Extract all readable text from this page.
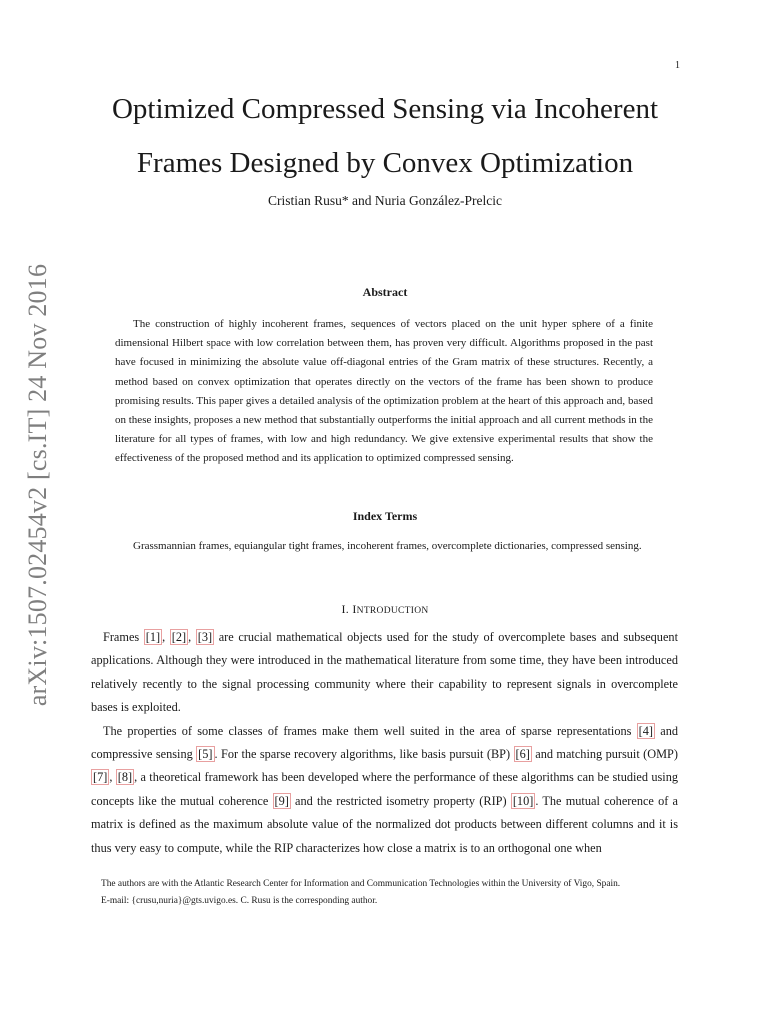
1
arXiv:1507.02454v2 [cs.IT] 24 Nov 2016
Optimized Compressed Sensing via Incoherent
Frames Designed by Convex Optimization
Cristian Rusu* and Nuria González-Prelcic
Abstract

The construction of highly incoherent frames, sequences of vectors placed on the unit hyper sphere of a finite dimensional Hilbert space with low correlation between them, has proven very difficult. Algorithms proposed in the past have focused in minimizing the absolute value off-diagonal entries of the Gram matrix of these structures. Recently, a method based on convex optimization that operates directly on the vectors of the frame has been shown to produce promising results. This paper gives a detailed analysis of the optimization problem at the heart of this approach and, based on these insights, proposes a new method that substantially outperforms the initial approach and all current methods in the literature for all types of frames, with low and high redundancy. We give extensive experimental results that show the effectiveness of the proposed method and its application to optimized compressed sensing.

Index Terms
Grassmannian frames, equiangular tight frames, incoherent frames, overcomplete dictionaries, compressed sensing.
I. INTRODUCTION

Frames [1] , [2] , [3] are crucial mathematical objects used for the study of overcomplete bases and subsequent applications. Although they were introduced in the mathematical literature from some time, they have been introduced relatively recently to the signal processing community where their capability to represent signals in overcomplete bases is exploited.

The properties of some classes of frames make them well suited in the area of sparse representations [4] and compressive sensing [5] . For the sparse recovery algorithms, like basis pursuit (BP) [6] and matching pursuit (OMP) [7] , [8] , a theoretical framework has been developed where the performance of these algorithms can be studied using concepts like the mutual coherence [9] and the restricted isometry property (RIP) [10] . The mutual coherence of a matrix is defined as the maximum absolute value of the normalized dot products between different columns and it is thus very easy to compute, while the RIP characterizes how close a matrix is to an orthogonal one when

The authors are with the Atlantic Research Center for Information and Communication Technologies within the University of Vigo, Spain.

E-mail: {crusu,nuria}@gts.uvigo.es. C. Rusu is the corresponding author.
